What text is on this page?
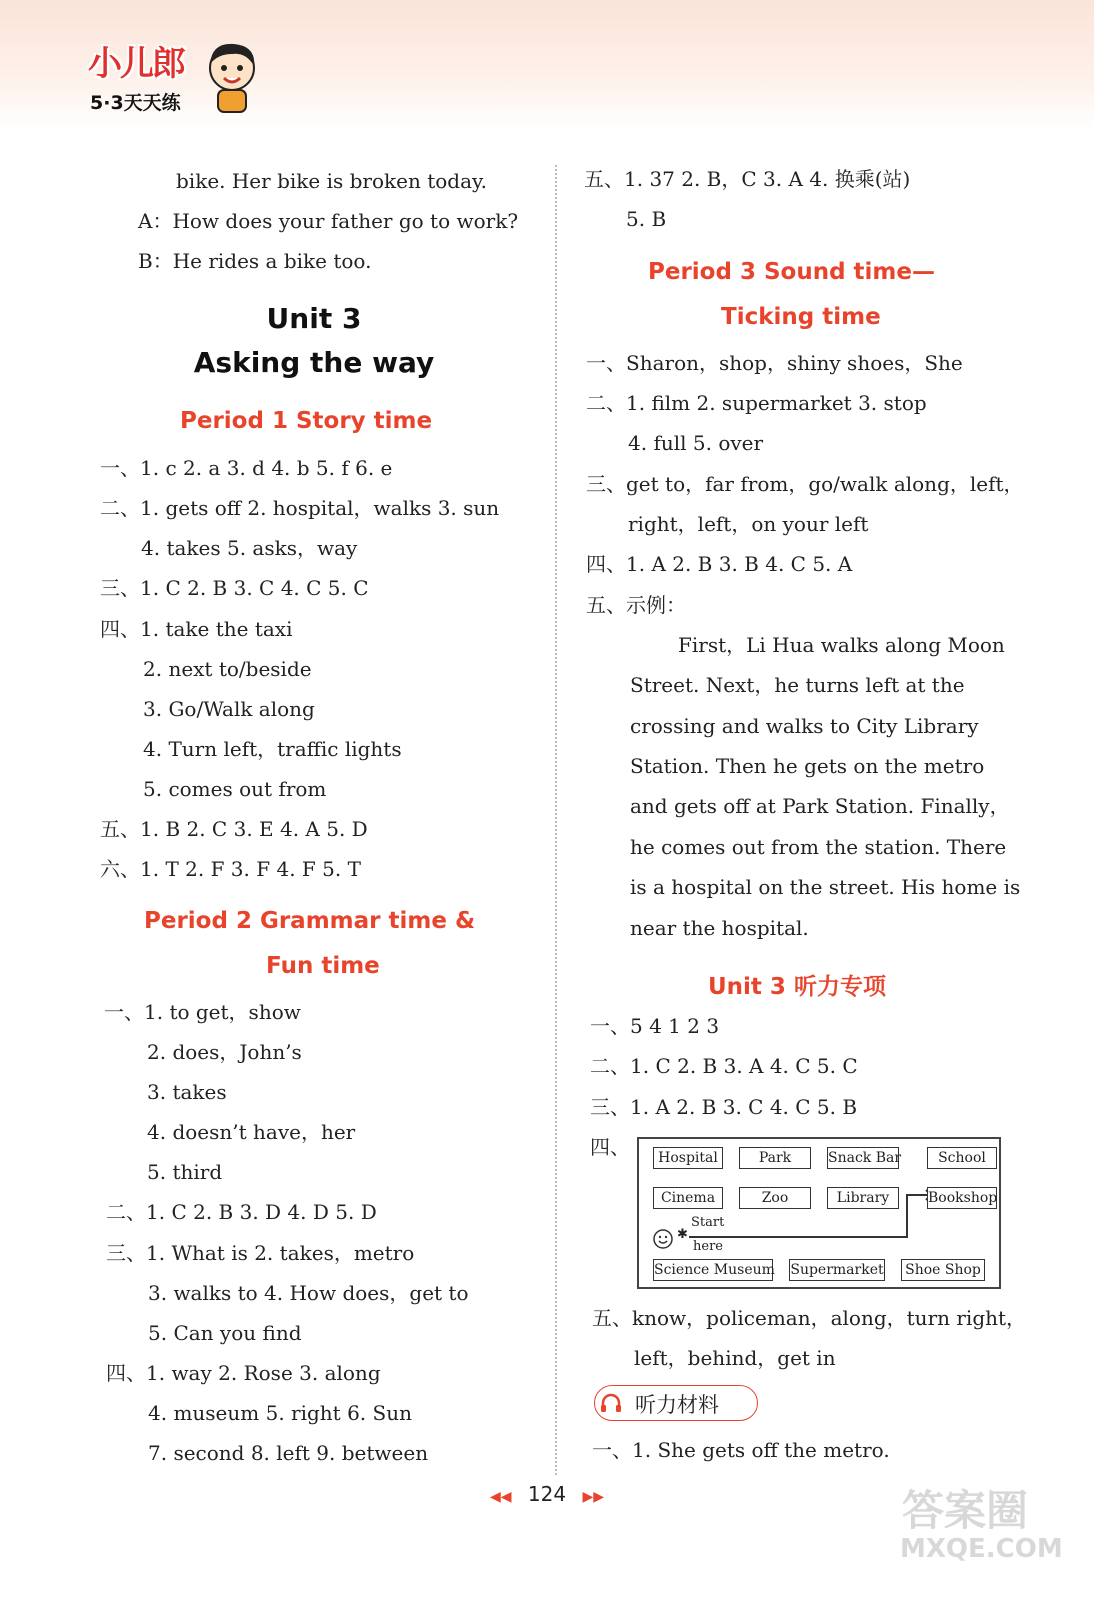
小儿郎
5·3天天练
bike. Her bike is broken today.
A：How does your father go to work?
B：He rides a bike too.
Unit 3
Asking the way
Period 1 Story time
一、1. c 2. a 3. d 4. b 5. f 6. e
二、1. gets off 2. hospital，walks 3. sun
4. takes 5. asks，way
三、1. C 2. B 3. C 4. C 5. C
四、1. take the taxi
2. next to/beside
3. Go/Walk along
4. Turn left，traffic lights
5. comes out from
五、1. B 2. C 3. E 4. A 5. D
六、1. T 2. F 3. F 4. F 5. T
Period 2 Grammar time &
Fun time
一、1. to get，show
2. does，John’s
3. takes
4. doesn’t have，her
5. third
二、1. C 2. B 3. D 4. D 5. D
三、1. What is 2. takes，metro
3. walks to 4. How does，get to
5. Can you find
四、1. way 2. Rose 3. along
4. museum 5. right 6. Sun
7. second 8. left 9. between
五、1. 37 2. B，C 3. A 4. 换乘(站)
5. B
Period 3 Sound time—
Ticking time
一、Sharon，shop，shiny shoes，She
二、1. film 2. supermarket 3. stop
4. full 5. over
三、get to，far from，go/walk along，left，
right，left，on your left
四、1. A 2. B 3. B 4. C 5. A
五、示例：
First，Li Hua walks along Moon
Street. Next，he turns left at the
crossing and walks to City Library
Station. Then he gets on the metro
and gets off at Park Station. Finally，
he comes out from the station. There
is a hospital on the street. His home is
near the hospital.
Unit 3 听力专项
一、5 4 1 2 3
二、1. C 2. B 3. A 4. C 5. C
三、1. A 2. B 3. C 4. C 5. B
四、	Hospital	Park	Snack Bar	School
Cinema	Zoo	Library	Bookshop
Science Museum Supermarket Shoe Shop
✱
Start
here
五、know，policeman，along，turn right，
left，behind，get in
听力材料
一、1. She gets off the metro.
◀◀ 124 ▶▶	答案圈
MXQE.COM
